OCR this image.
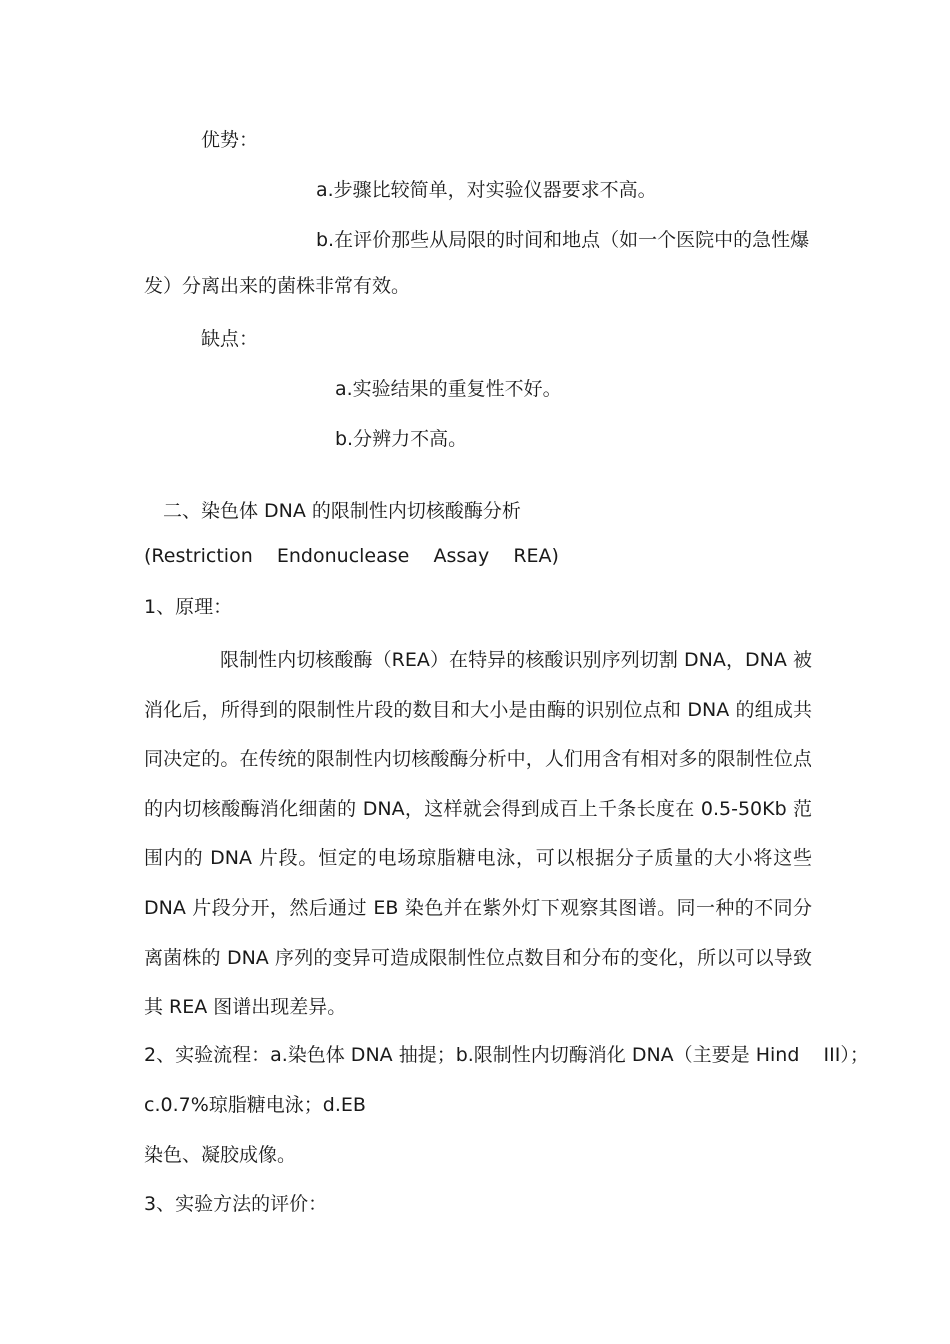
优势：
a.步骤比较简单，对实验仪器要求不高。
b.在评价那些从局限的时间和地点（如一个医院中的急性爆
发）分离出来的菌株非常有效。
缺点：
a.实验结果的重复性不好。
b.分辨力不高。
二、染色体 DNA 的限制性内切核酸酶分析
(Restriction    Endonuclease    Assay    REA)
1、原理：
限制性内切核酸酶（REA）在特异的核酸识别序列切割 DNA，DNA 被消化后，所得到的限制性片段的数目和大小是由酶的识别位点和 DNA 的组成共同决定的。在传统的限制性内切核酸酶分析中，人们用含有相对多的限制性位点的内切核酸酶消化细菌的 DNA，这样就会得到成百上千条长度在 0.5-50Kb 范围内的 DNA 片段。恒定的电场琼脂糖电泳，可以根据分子质量的大小将这些 DNA 片段分开，然后通过 EB 染色并在紫外灯下观察其图谱。同一种的不同分离菌株的 DNA 序列的变异可造成限制性位点数目和分布的变化，所以可以导致其 REA 图谱出现差异。
2、实验流程：a.染色体 DNA 抽提；b.限制性内切酶消化 DNA（主要是 Hind    III）；
c.0.7%琼脂糖电泳；d.EB
染色、凝胶成像。
3、实验方法的评价：
